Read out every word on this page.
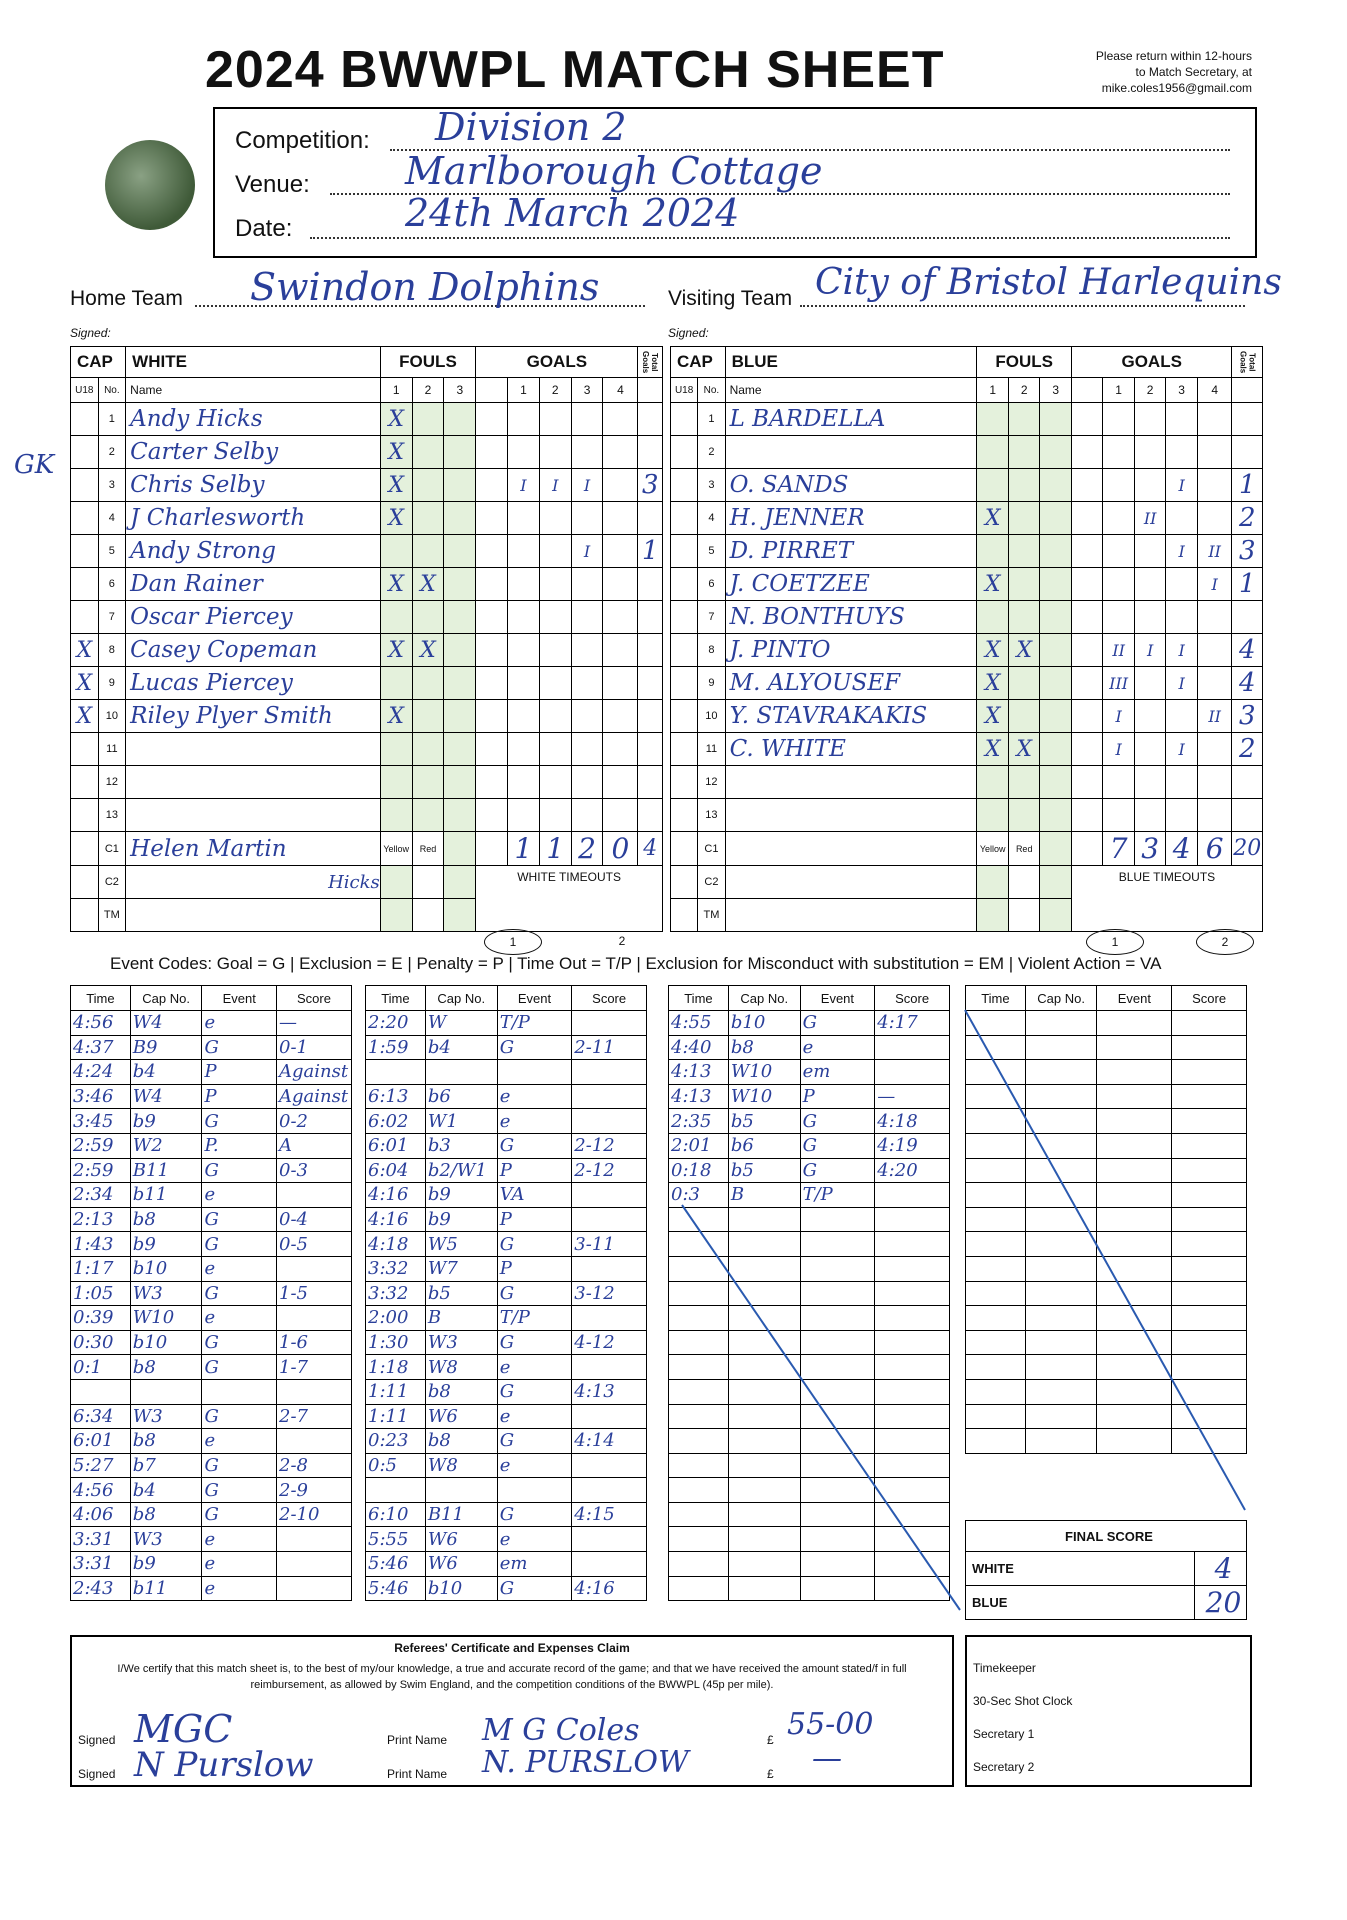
2024 BWWPL MATCH SHEET	Please return within 12-hours
to Match Secretary, at
mike.coles1956@gmail.com
GK
Competition: Division 2
Venue:	Marlborough Cottage
Date:	24th March 2024
Home Team Swindon Dolphins
Signed:
Visiting Team City of Bristol Harlequins
Signed:
CAP		WHITE	FOULS			GOALS					Total Goals
U18	No.	Name	1	2	3		1	2	3	4	
	1	Andy Hicks	X								
	2	Carter Selby	X								
	3	Chris Selby	X				I	I	I		3
	4	J Charlesworth	X								
	5	Andy Strong							I		1
	6	Dan Rainer	X	X							
	7	Oscar Piercey									
X	8	Casey Copeman	X	X							
X	9	Lucas Piercey									
X	10	Riley Plyer Smith	X								
	11										
	12										
	13										
	C1	Helen Martin	Yellow	Red			1	1	2	0	4
	C2	Hicks				WHITE TIMEOUTS					
	TM										
CAP		BLUE	FOULS			GOALS					Total Goals
U18	No.	Name	1	2	3		1	2	3	4	
	1	L BARDELLA									
	2										
	3	O. SANDS							I		1
	4	H. JENNER	X					II			2
	5	D. PIRRET							I	II	3
	6	J. COETZEE	X							I	1
	7	N. BONTHUYS									
	8	J. PINTO	X	X			II	I	I		4
	9	M. ALYOUSEF	X				III		I		4
	10	Y. STAVRAKAKIS	X				I			II	3
	11	C. WHITE	X	X			I		I		2
	12										
	13										
	C1		Yellow	Red			7	3	4	6	20
	C2					BLUE TIMEOUTS					
	TM										
Event Codes: Goal = G | Exclusion = E | Penalty = P | Time Out = T/P | Exclusion for Misconduct with substitution = EM | Violent Action = VA
Time	Cap No.	Event	Score
4:56	W4	e	—
4:37	B9	G	0-1
4:24	b4	P	Against
3:46	W4	P	Against
3:45	b9	G	0-2
2:59	W2	P.	A
2:59	B11	G	0-3
2:34	b11	e	
2:13	b8	G	0-4
1:43	b9	G	0-5
1:17	b10	e	
1:05	W3	G	1-5
0:39	W10	e	
0:30	b10	G	1-6
0:1	b8	G	1-7

6:34	W3	G	2-7
6:01	b8	e	
5:27	b7	G	2-8
4:56	b4	G	2-9
4:06	b8	G	2-10
3:31	W3	e	
3:31	b9	e	
2:43	b11	e	
Time	Cap No.	Event	Score
2:20	W	T/P	
1:59	b4	G	2-11

6:13	b6	e	
6:02	W1	e	
6:01	b3	G	2-12
6:04	b2/W1	P	2-12
4:16	b9	VA	
4:16	b9	P	
4:18	W5	G	3-11
3:32	W7	P	
3:32	b5	G	3-12
2:00	B	T/P	
1:30	W3	G	4-12
1:18	W8	e	
1:11	b8	G	4:13
1:11	W6	e	
0:23	b8	G	4:14
0:5	W8	e	

6:10	B11	G	4:15
5:55	W6	e	
5:46	W6	em	
5:46	b10	G	4:16
Time	Cap No.	Event	Score
4:55	b10	G	4:17
4:40	b8	e	
4:13	W10	em	
4:13	W10	P	—
2:35	b5	G	4:18
2:01	b6	G	4:19
0:18	b5	G	4:20
0:3	B	T/P	

Time	Cap No.	Event	Score

FINAL SCORE	
WHITE	4
BLUE	20
Referees' Certificate and Expenses Claim
I/We certify that this match sheet is, to the best of my/our knowledge, a true and accurate record of the game; and that we have received the amount stated/f in full reimbursement, as allowed by Swim England, and the competition conditions of the BWWPL (45p per mile).
Signed MGC	Print Name M G Coles	£ 55-00
Signed N Purslow	Print Name N. PURSLOW	£ —
Timekeeper
30-Sec Shot Clock
Secretary 1
Secretary 2
1	2	1	2
